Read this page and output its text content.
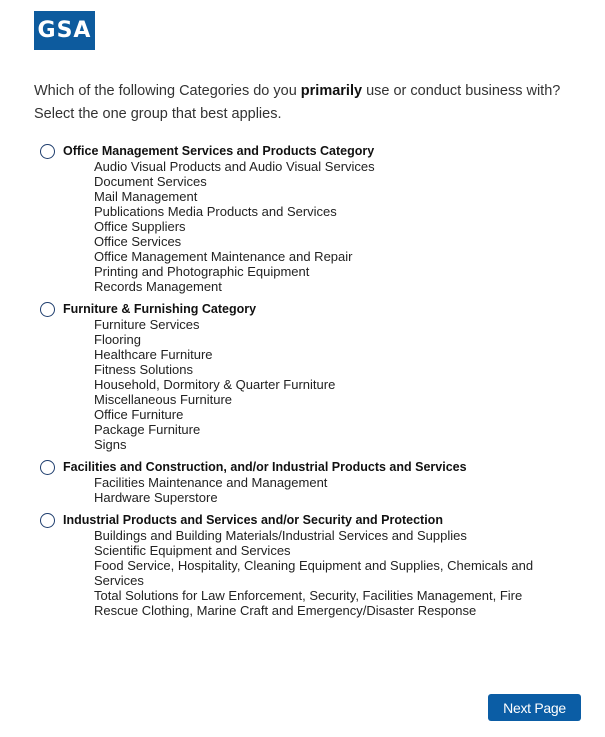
GSA
Which of the following Categories do you primarily use or conduct business with?
Select the one group that best applies.
Office Management Services and Products Category
Audio Visual Products and Audio Visual Services
Document Services
Mail Management
Publications Media Products and Services
Office Suppliers
Office Services
Office Management Maintenance and Repair
Printing and Photographic Equipment
Records Management
Furniture & Furnishing Category
Furniture Services
Flooring
Healthcare Furniture
Fitness Solutions
Household, Dormitory & Quarter Furniture
Miscellaneous Furniture
Office Furniture
Package Furniture
Signs
Facilities and Construction, and/or Industrial Products and Services
Facilities Maintenance and Management
Hardware Superstore
Industrial Products and Services and/or Security and Protection
Buildings and Building Materials/Industrial Services and Supplies
Scientific Equipment and Services
Food Service, Hospitality, Cleaning Equipment and Supplies, Chemicals and Services
Total Solutions for Law Enforcement, Security, Facilities Management, Fire Rescue Clothing, Marine Craft and Emergency/Disaster Response
Next Page
